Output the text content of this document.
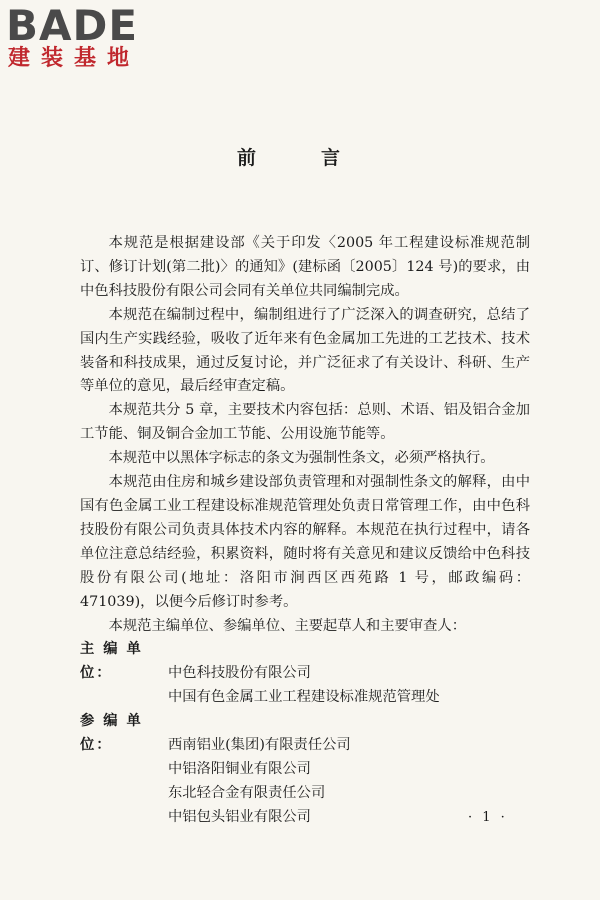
BADE
建装基地
前	言

本规范是根据建设部《关于印发〈2005 年工程建设标准规范制订、修订计划(第二批)〉的通知》(建标函〔2005〕124 号)的要求，由中色科技股份有限公司会同有关单位共同编制完成。

本规范在编制过程中，编制组进行了广泛深入的调查研究，总结了国内生产实践经验，吸收了近年来有色金属加工先进的工艺技术、技术装备和科技成果，通过反复讨论，并广泛征求了有关设计、科研、生产等单位的意见，最后经审查定稿。

本规范共分 5 章，主要技术内容包括：总则、术语、铝及铝合金加工节能、铜及铜合金加工节能、公用设施节能等。

本规范中以黑体字标志的条文为强制性条文，必须严格执行。

本规范由住房和城乡建设部负责管理和对强制性条文的解释，由中国有色金属工业工程建设标准规范管理处负责日常管理工作，由中色科技股份有限公司负责具体技术内容的解释。本规范在执行过程中，请各单位注意总结经验，积累资料，随时将有关意见和建议反馈给中色科技股份有限公司(地址：洛阳市涧西区西苑路 1 号，邮政编码：471039)，以便今后修订时参考。

本规范主编单位、参编单位、主要起草人和主要审查人：

主 编 单 位：	中色科技股份有限公司

中国有色金属工业工程建设标准规范管理处

参 编 单 位：	西南铝业(集团)有限责任公司

中铝洛阳铜业有限公司

东北轻合金有限责任公司

中铝包头铝业有限公司	· 1 ·
